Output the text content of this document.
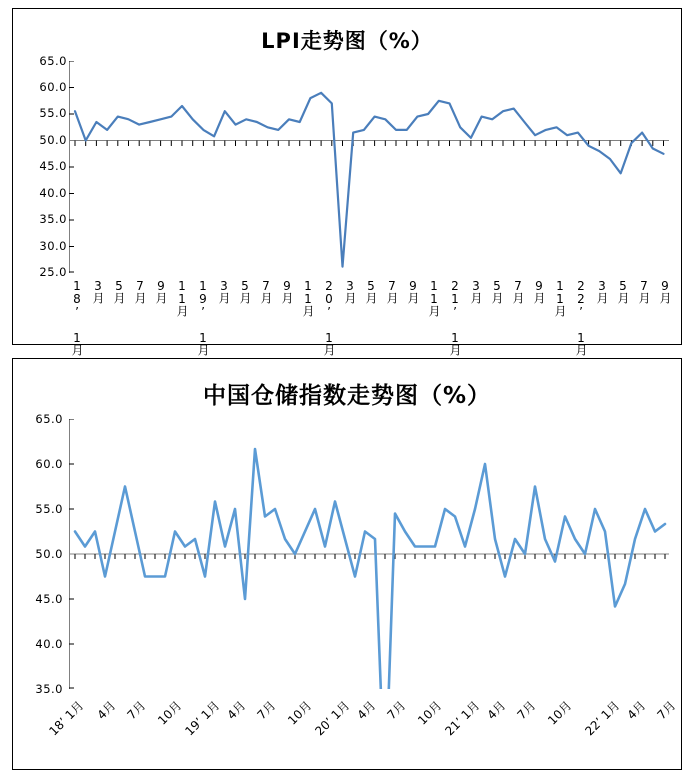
LPI走势图（%）
65.0
60.0
55.0
50.0
45.0
40.0
35.0
30.0
25.0
18’ 1月 3月 5月 7月 9月 11月 19’ 1月 3月 5月 7月 9月 11月 20’ 1月 3月 5月 7月 9月 11月 21’ 1月 3月 5月 7月 9月 11月 22’ 1月 3月 5月 7月 9月
中国仓储指数走势图（%）
65.0
60.0
55.0
50.0
45.0
40.0
35.0
18’ 1月 4月 7月 10月
19’ 1月 4月 7月 10月
20’ 1月 4月 7月 10月
21’ 1月 4月 7月 10月 22’ 1月 4月 7月
